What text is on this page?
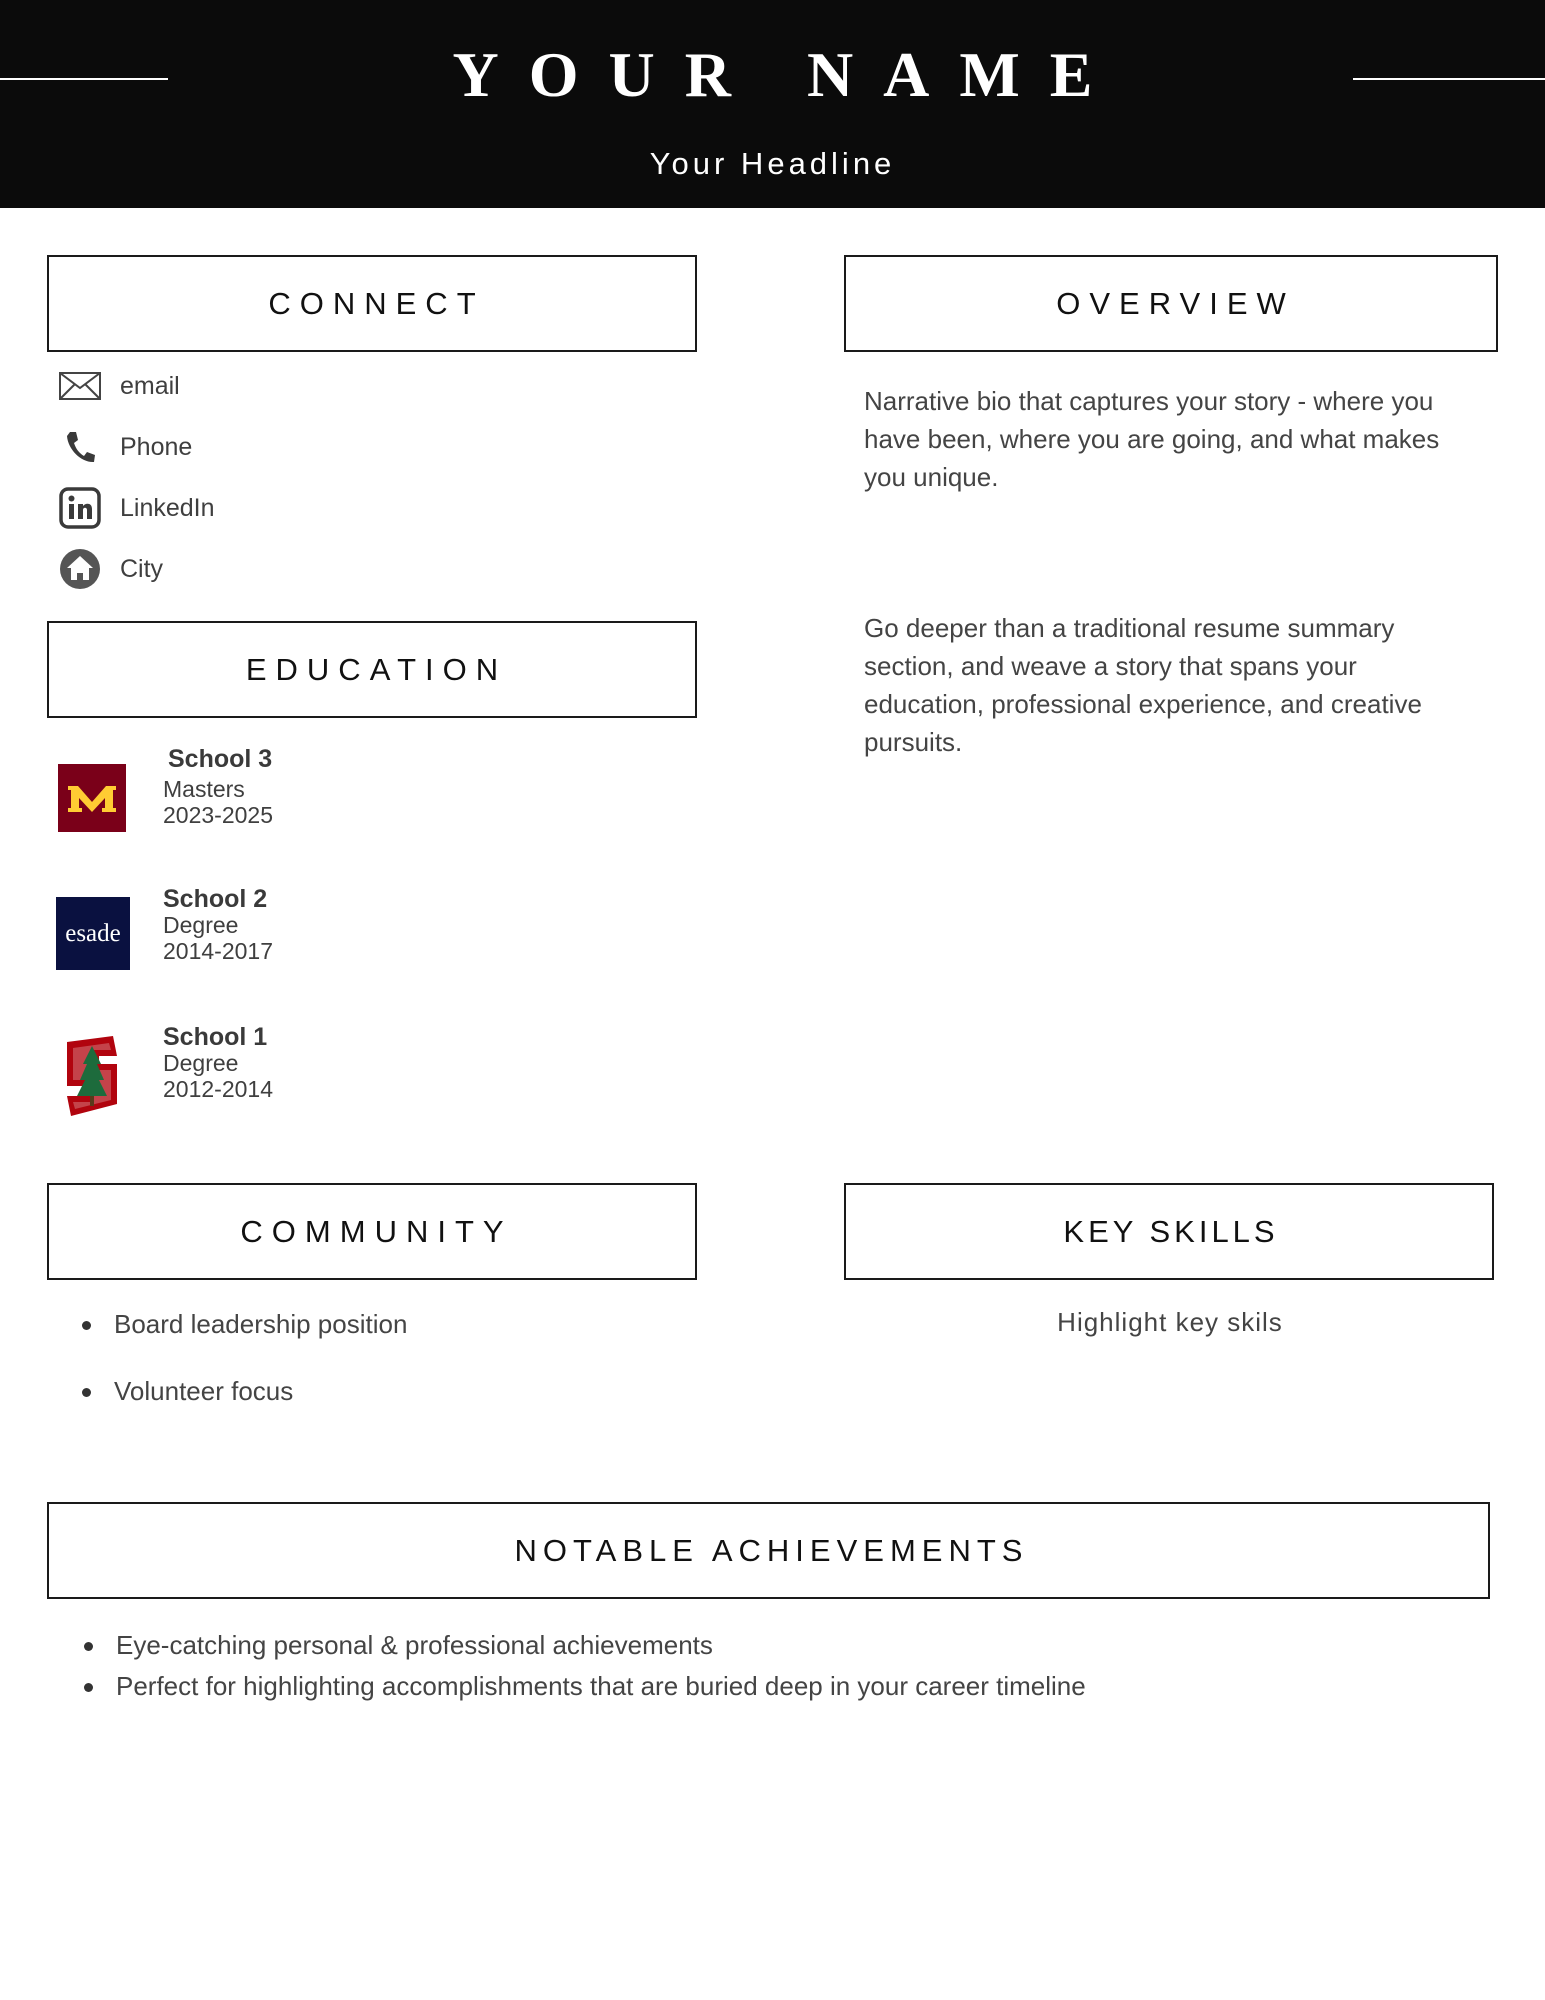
YOUR NAME
Your Headline
CONNECT
email
Phone
LinkedIn
City
EDUCATION
School 3
Masters
2023-2025
esade
School 2
Degree
2014-2017
School 1
Degree
2012-2014
OVERVIEW
Narrative bio that captures your story - where you have been, where you are going, and what makes you unique.
Go deeper than a traditional resume summary section, and weave a story that spans your education, professional experience, and creative pursuits.
COMMUNITY
Board leadership position
Volunteer focus
KEY SKILLS
Highlight key skils
NOTABLE ACHIEVEMENTS
Eye-catching personal & professional achievements
Perfect for highlighting accomplishments that are buried deep in your career timeline
